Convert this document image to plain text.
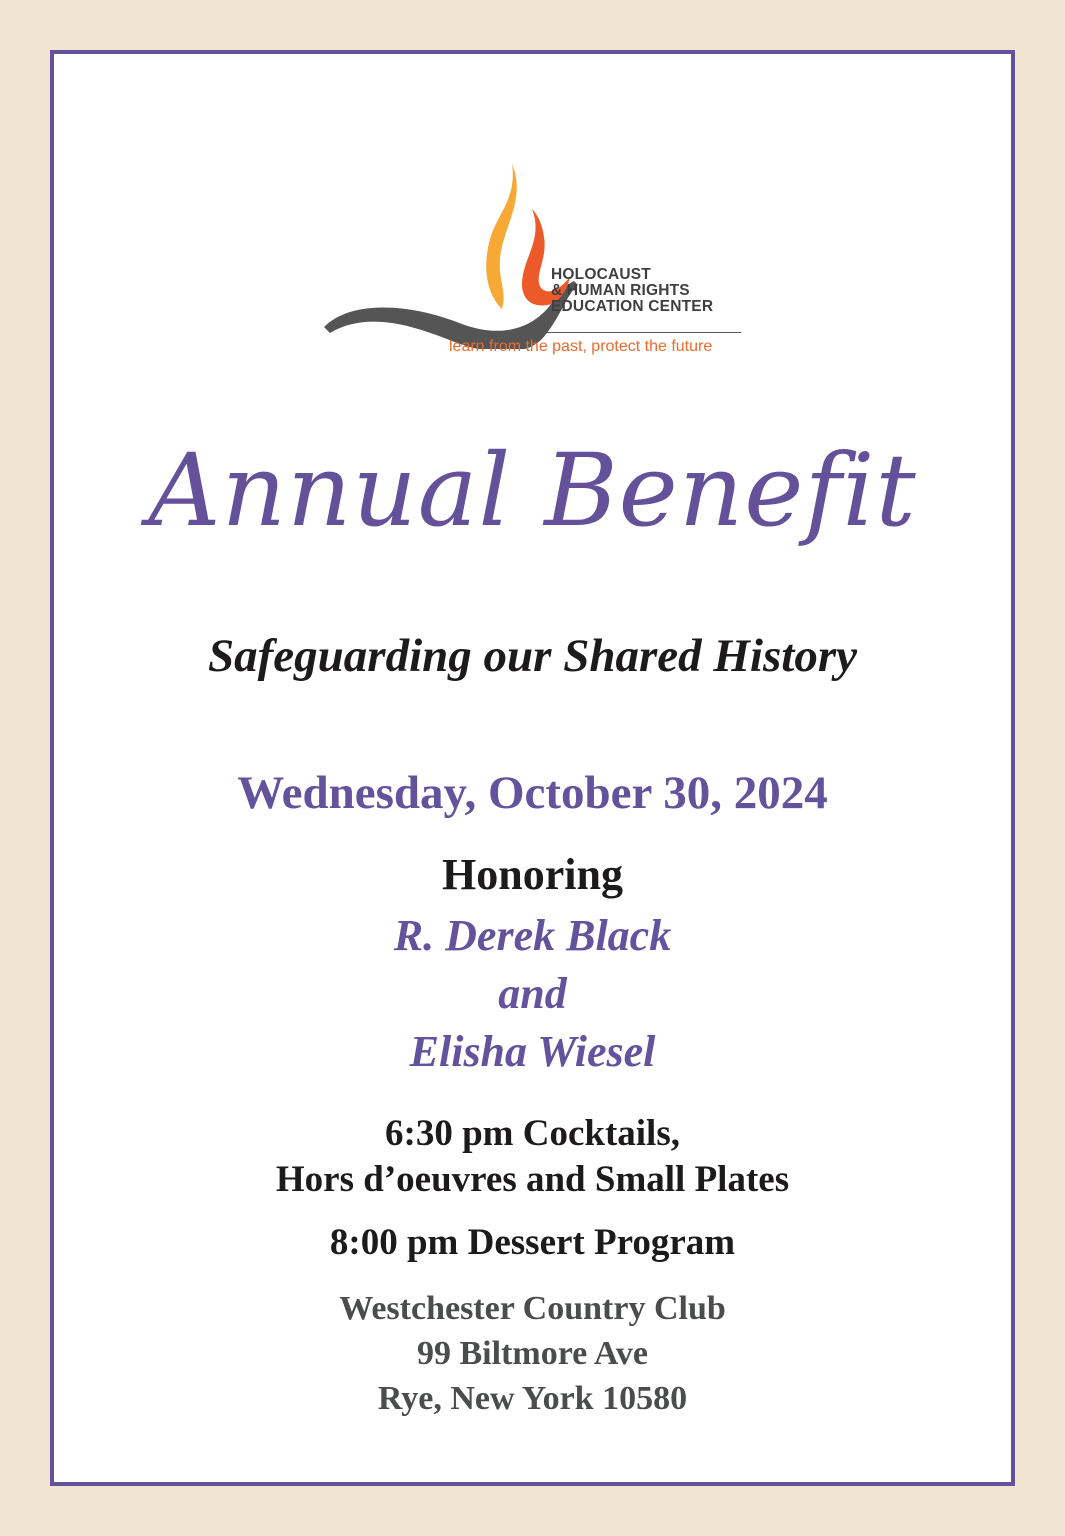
HOLOCAUST
& HUMAN RIGHTS
EDUCATION CENTER
learn from the past, protect the future
Annual Benefit
Safeguarding our Shared History
Wednesday, October 30, 2024
Honoring
R. Derek Black
and
Elisha Wiesel
6:30 pm Cocktails,
Hors d’oeuvres and Small Plates
8:00 pm Dessert Program
Westchester Country Club
99 Biltmore Ave
Rye, New York 10580
